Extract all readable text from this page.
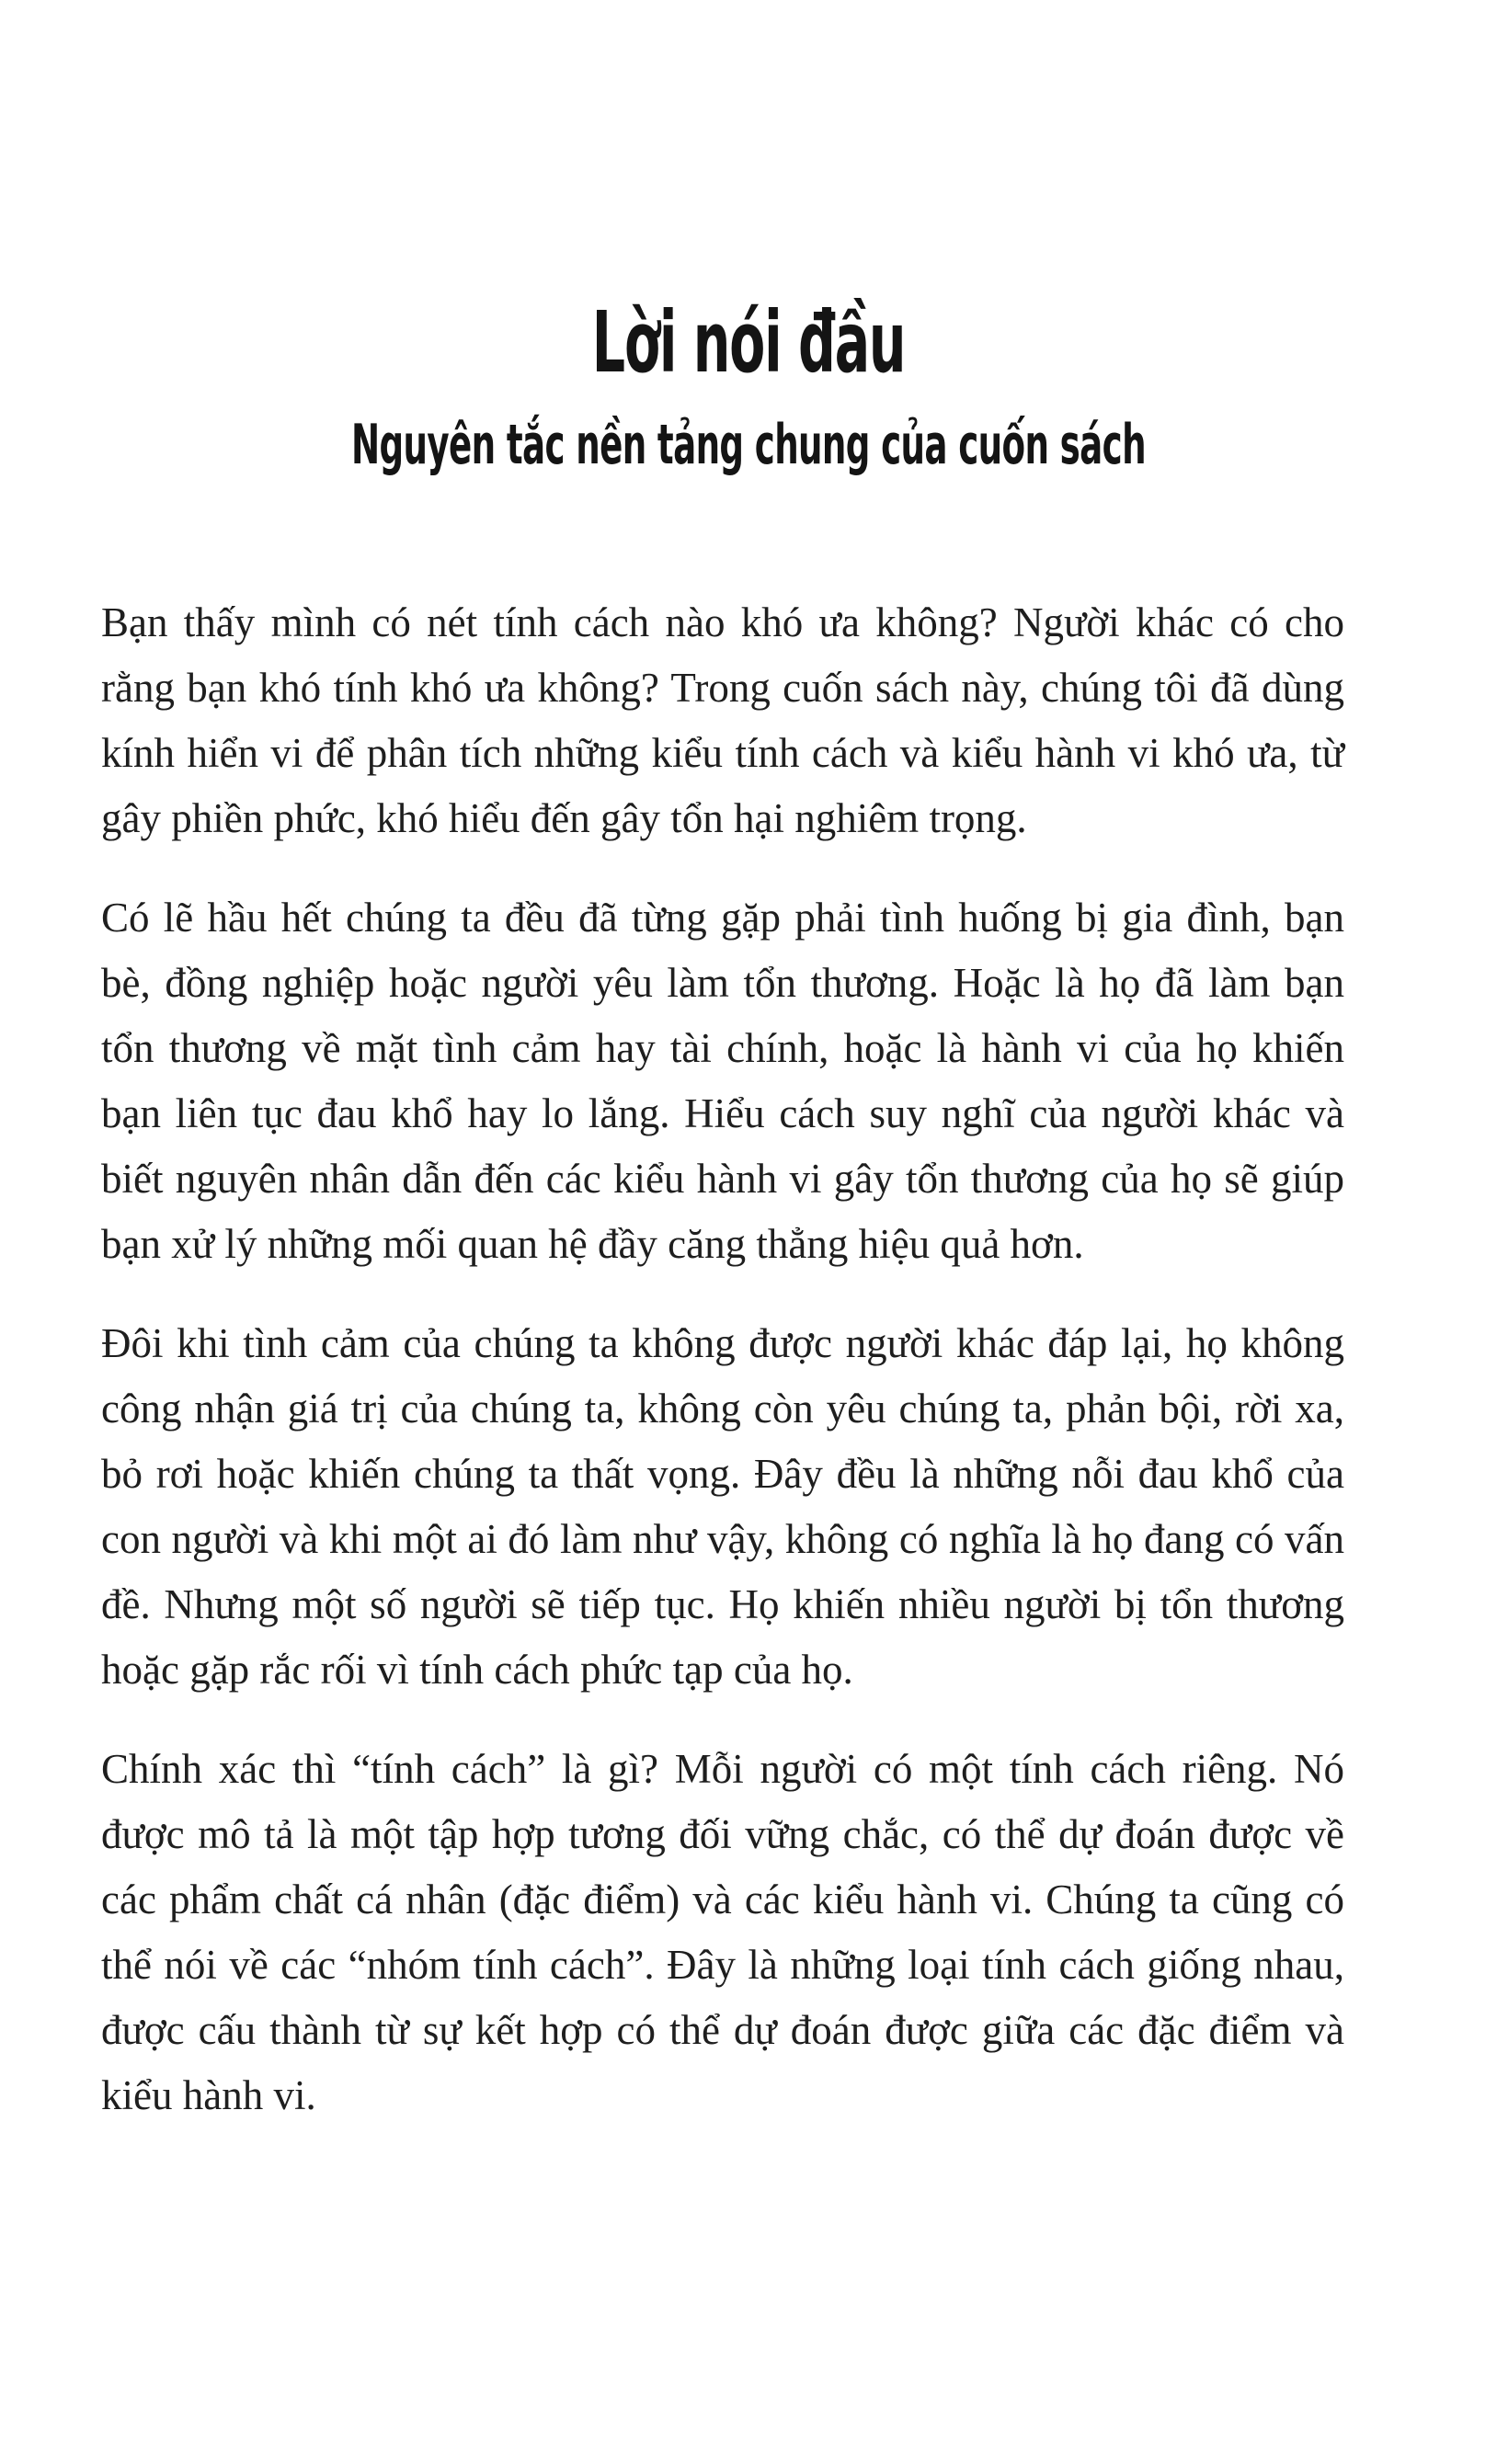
Lời nói đầu
Nguyên tắc nền tảng chung của cuốn sách

Bạn thấy mình có nét tính cách nào khó ưa không? Người khác có cho rằng bạn khó tính khó ưa không? Trong cuốn sách này, chúng tôi đã dùng kính hiển vi để phân tích những kiểu tính cách và kiểu hành vi khó ưa, từ gây phiền phức, khó hiểu đến gây tổn hại nghiêm trọng.

Có lẽ hầu hết chúng ta đều đã từng gặp phải tình huống bị gia đình, bạn bè, đồng nghiệp hoặc người yêu làm tổn thương. Hoặc là họ đã làm bạn tổn thương về mặt tình cảm hay tài chính, hoặc là hành vi của họ khiến bạn liên tục đau khổ hay lo lắng. Hiểu cách suy nghĩ của người khác và biết nguyên nhân dẫn đến các kiểu hành vi gây tổn thương của họ sẽ giúp bạn xử lý những mối quan hệ đầy căng thẳng hiệu quả hơn.

Đôi khi tình cảm của chúng ta không được người khác đáp lại, họ không công nhận giá trị của chúng ta, không còn yêu chúng ta, phản bội, rời xa, bỏ rơi hoặc khiến chúng ta thất vọng. Đây đều là những nỗi đau khổ của con người và khi một ai đó làm như vậy, không có nghĩa là họ đang có vấn đề. Nhưng một số người sẽ tiếp tục. Họ khiến nhiều người bị tổn thương hoặc gặp rắc rối vì tính cách phức tạp của họ.

Chính xác thì “tính cách” là gì? Mỗi người có một tính cách riêng. Nó được mô tả là một tập hợp tương đối vững chắc, có thể dự đoán được về các phẩm chất cá nhân (đặc điểm) và các kiểu hành vi. Chúng ta cũng có thể nói về các “nhóm tính cách”. Đây là những loại tính cách giống nhau, được cấu thành từ sự kết hợp có thể dự đoán được giữa các đặc điểm và kiểu hành vi.
